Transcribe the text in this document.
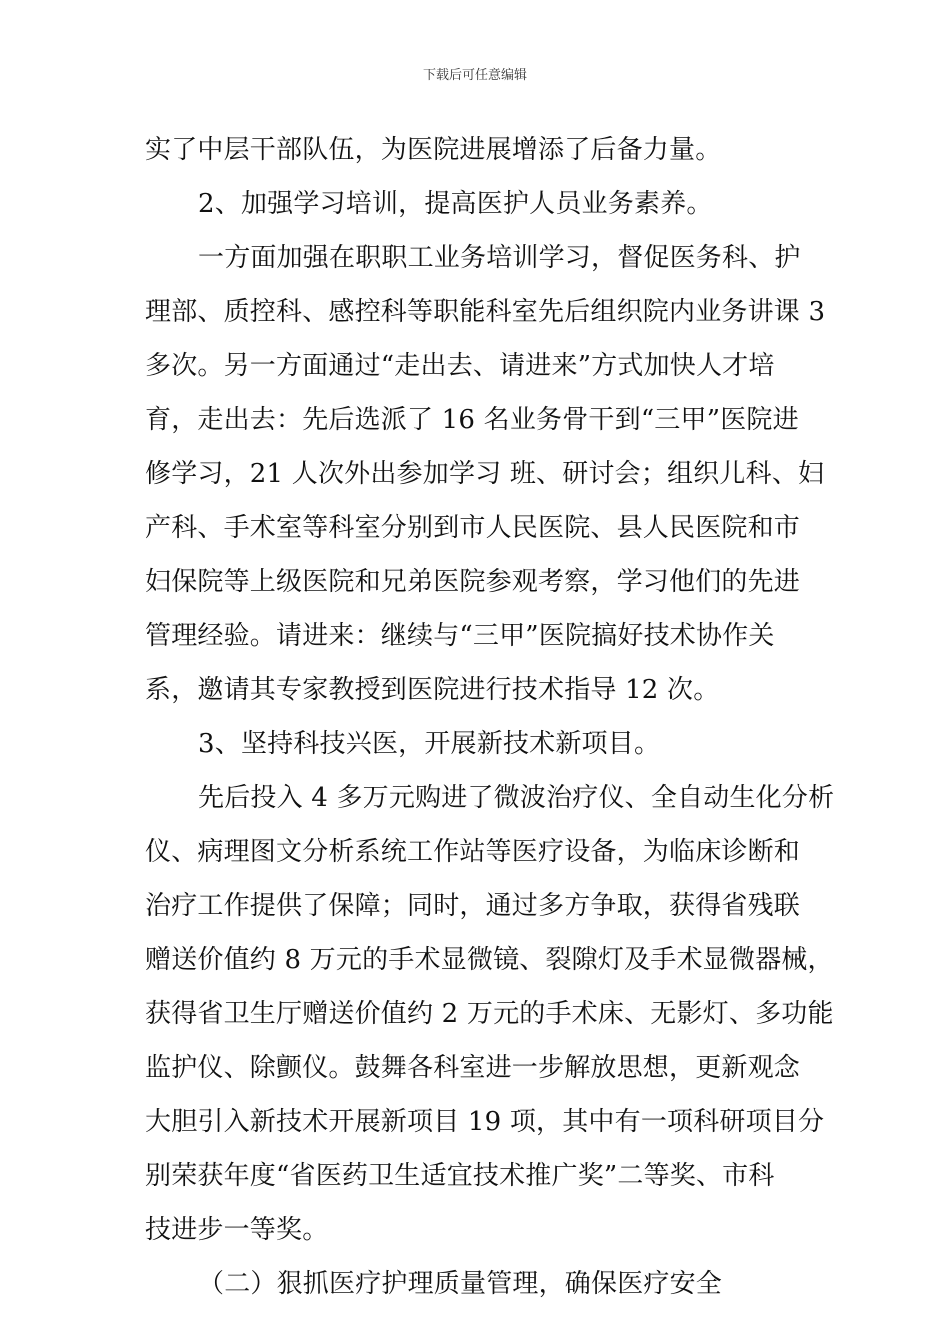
下载后可任意编辑
实了中层干部队伍，为医院进展增添了后备力量。
2、加强学习培训，提高医护人员业务素养。
一方面加强在职职工业务培训学习，督促医务科、护
理部、质控科、感控科等职能科室先后组织院内业务讲课 3
多次。另一方面通过“走出去、请进来”方式加快人才培
育，走出去：先后选派了 16 名业务骨干到“三甲”医院进
修学习，21 人次外出参加学习 班、研讨会；组织儿科、妇
产科、手术室等科室分别到市人民医院、县人民医院和市
妇保院等上级医院和兄弟医院参观考察，学习他们的先进
管理经验。请进来：继续与“三甲”医院搞好技术协作关
系，邀请其专家教授到医院进行技术指导 12 次。
3、坚持科技兴医，开展新技术新项目。
先后投入 4 多万元购进了微波治疗仪、全自动生化分析
仪、病理图文分析系统工作站等医疗设备，为临床诊断和
治疗工作提供了保障；同时，通过多方争取，获得省残联
赠送价值约 8 万元的手术显微镜、裂隙灯及手术显微器械，
获得省卫生厅赠送价值约 2 万元的手术床、无影灯、多功能
监护仪、除颤仪。鼓舞各科室进一步解放思想，更新观念
大胆引入新技术开展新项目 19 项，其中有一项科研项目分
别荣获年度“省医药卫生适宜技术推广奖”二等奖、市科
技进步一等奖。
（二）狠抓医疗护理质量管理，确保医疗安全
